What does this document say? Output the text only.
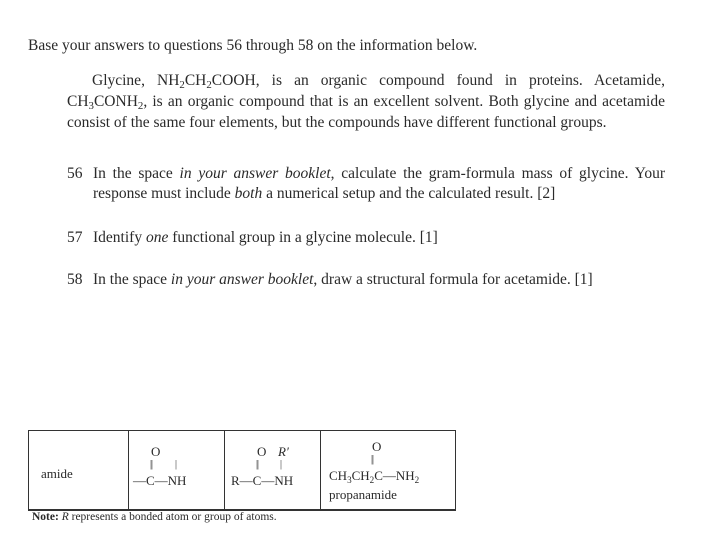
Base your answers to questions 56 through 58 on the information below.
Glycine, $NH_2CH_2COOH$, is an organic compound found in proteins. Acetamide, $CH_3CONH_2$, is an organic compound that is an excellent solvent. Both glycine and acetamide consist of the same four elements, but the compounds have different functional groups.
56 In the space in your answer booklet, calculate the gram-formula mass of glycine. Your response must include both a numerical setup and the calculated result. [2]
57 Identify one functional group in a glycine molecule. [1]
58 In the space in your answer booklet, draw a structural formula for acetamide. [1]
amide
O
|| |
—C—NH
O R′
|| |
R—C—NH
O
||
$CH_3CH_2C—NH_2$
propanamide
Note: R represents a bonded atom or group of atoms.
